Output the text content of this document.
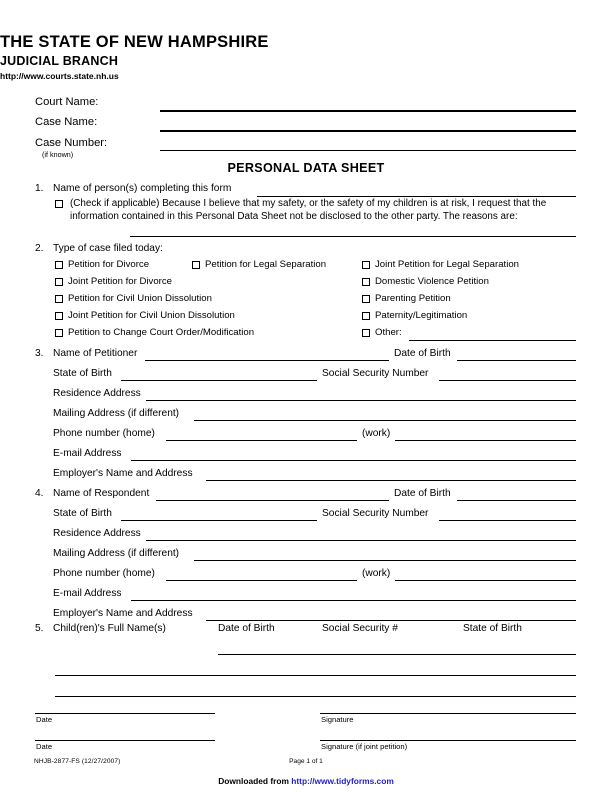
THE STATE OF NEW HAMPSHIRE
JUDICIAL BRANCH
http://www.courts.state.nh.us
Court Name:
Case Name:
Case Number:
(if known)
PERSONAL DATA SHEET
1. Name of person(s) completing this form
(Check if applicable) Because I believe that my safety, or the safety of my children is at risk, I request that the information contained in this Personal Data Sheet not be disclosed to the other party. The reasons are:
2. Type of case filed today:
Petition for Divorce
Joint Petition for Divorce
Petition for Civil Union Dissolution
Joint Petition for Civil Union Dissolution
Petition to Change Court Order/Modification
Petition for Legal Separation	Joint Petition for Legal Separation
Domestic Violence Petition
Parenting Petition
Paternity/Legitimation
Other:
3. Name of Petitioner	Date of Birth
State of Birth	Social Security Number
Residence Address
Mailing Address (if different)
Phone number (home)	(work)
E-mail Address
Employer's Name and Address
4. Name of Respondent	Date of Birth
State of Birth	Social Security Number
Residence Address
Mailing Address (if different)
Phone number (home)	(work)
E-mail Address
Employer's Name and Address
5. Child(ren)'s Full Name(s)	Date of Birth	Social Security #	State of Birth
Date	Signature
Date	Signature (if joint petition)
NHJB-2877-FS (12/27/2007)	Page 1 of 1
Downloaded from http://www.tidyforms.com
